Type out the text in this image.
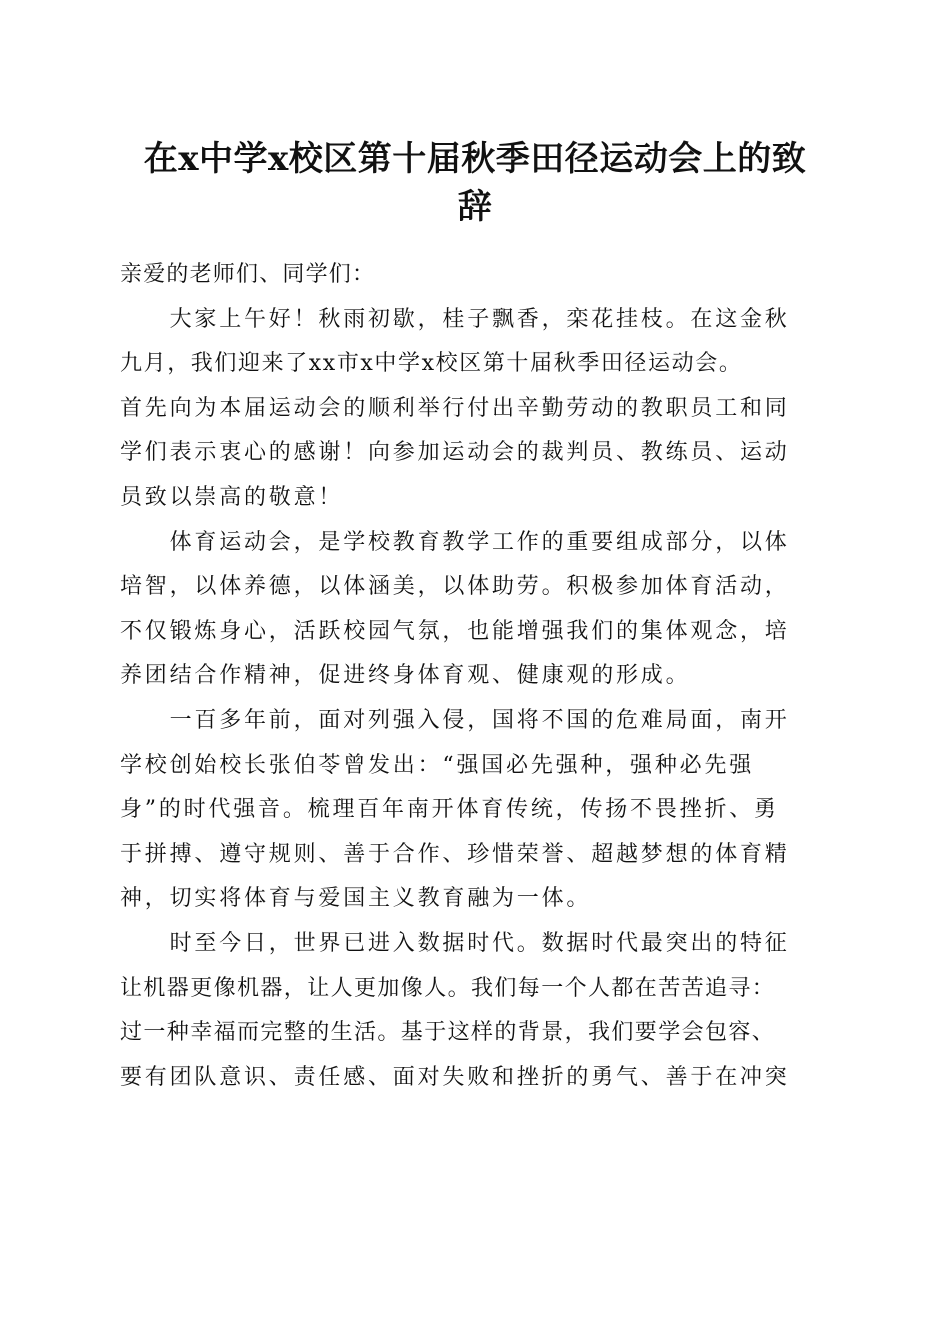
在x中学x校区第十届秋季田径运动会上的致
辞

亲爱的老师们、同学们：

　　大家上午好！秋雨初歇，桂子飘香，栾花挂枝。在这金秋
九月，我们迎来了xx市x中学x校区第十届秋季田径运动会。
首先向为本届运动会的顺利举行付出辛勤劳动的教职员工和同
学们表示衷心的感谢！向参加运动会的裁判员、教练员、运动
员致以崇高的敬意！

　　体育运动会，是学校教育教学工作的重要组成部分，以体
培智，以体养德，以体涵美，以体助劳。积极参加体育活动，
不仅锻炼身心，活跃校园气氛，也能增强我们的集体观念，培
养团结合作精神，促进终身体育观、健康观的形成。

　　一百多年前，面对列强入侵，国将不国的危难局面，南开
学校创始校长张伯苓曾发出：“强国必先强种，强种必先强
身”的时代强音。梳理百年南开体育传统，传扬不畏挫折、勇
于拼搏、遵守规则、善于合作、珍惜荣誉、超越梦想的体育精
神，切实将体育与爱国主义教育融为一体。

　　时至今日，世界已进入数据时代。数据时代最突出的特征
让机器更像机器，让人更加像人。我们每一个人都在苦苦追寻：
过一种幸福而完整的生活。基于这样的背景，我们要学会包容、
要有团队意识、责任感、面对失败和挫折的勇气、善于在冲突
